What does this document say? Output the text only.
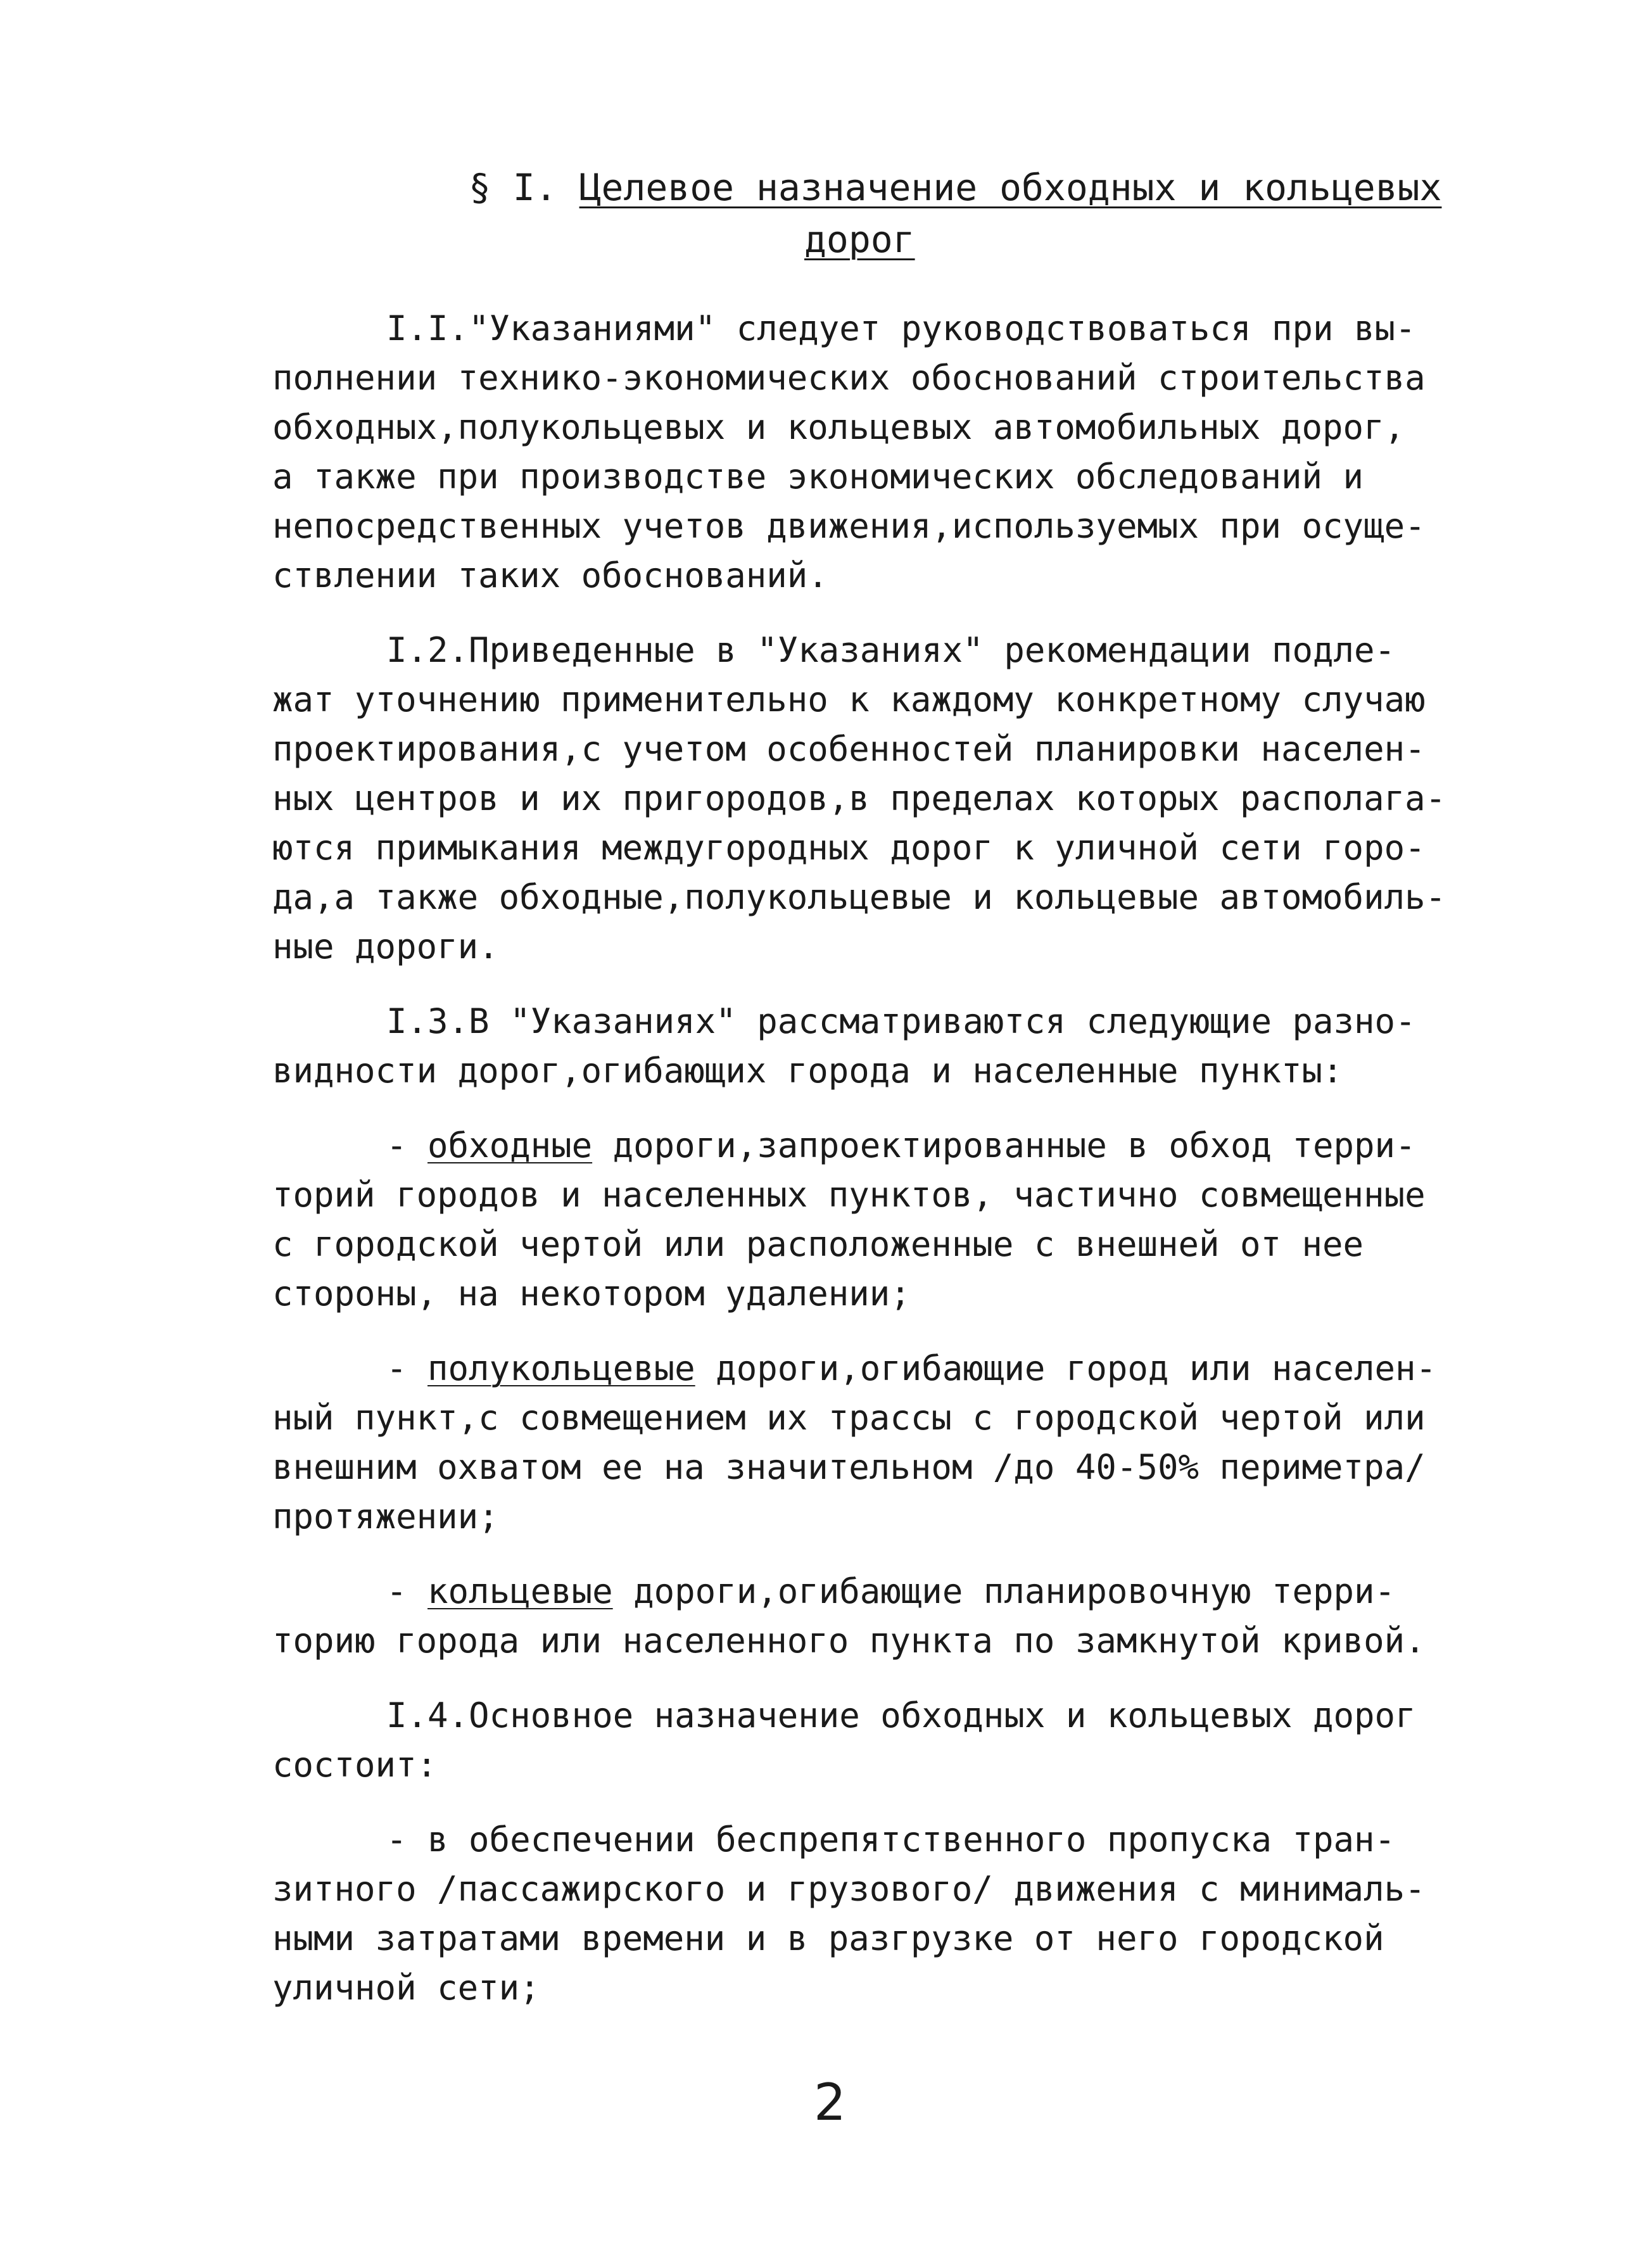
§ I. Целевое назначение обходных и кольцевых
дорог

I.I."Указаниями" следует руководствоваться при вы-
полнении технико-экономических обоснований строительства
обходных,полукольцевых и кольцевых автомобильных дорог,
а также при производстве экономических обследований и
непосредственных учетов движения,используемых при осуще-
ствлении таких обоснований.

I.2.Приведенные в "Указаниях" рекомендации подле-
жат уточнению применительно к каждому конкретному случаю
проектирования,с учетом особенностей планировки населен-
ных центров и их пригородов,в пределах которых располага-
ются примыкания междугородных дорог к уличной сети горо-
да,а также обходные,полукольцевые и кольцевые автомобиль-
ные дороги.

I.3.В "Указаниях" рассматриваются следующие разно-
видности дорог,огибающих города и населенные пункты:

- обходные дороги,запроектированные в обход терри-
торий городов и населенных пунктов, частично совмещенные
с городской чертой или расположенные с внешней от нее
стороны, на некотором удалении;

- полукольцевые дороги,огибающие город или населен-
ный пункт,с совмещением их трассы с городской чертой или
внешним охватом ее на значительном /до 40-50% периметра/
протяжении;

- кольцевые дороги,огибающие планировочную терри-
торию города или населенного пункта по замкнутой кривой.

I.4.Основное назначение обходных и кольцевых дорог
состоит:

- в обеспечении беспрепятственного пропуска тран-
зитного /пассажирского и грузового/ движения с минималь-
ными затратами времени и в разгрузке от него городской
уличной сети;

2
